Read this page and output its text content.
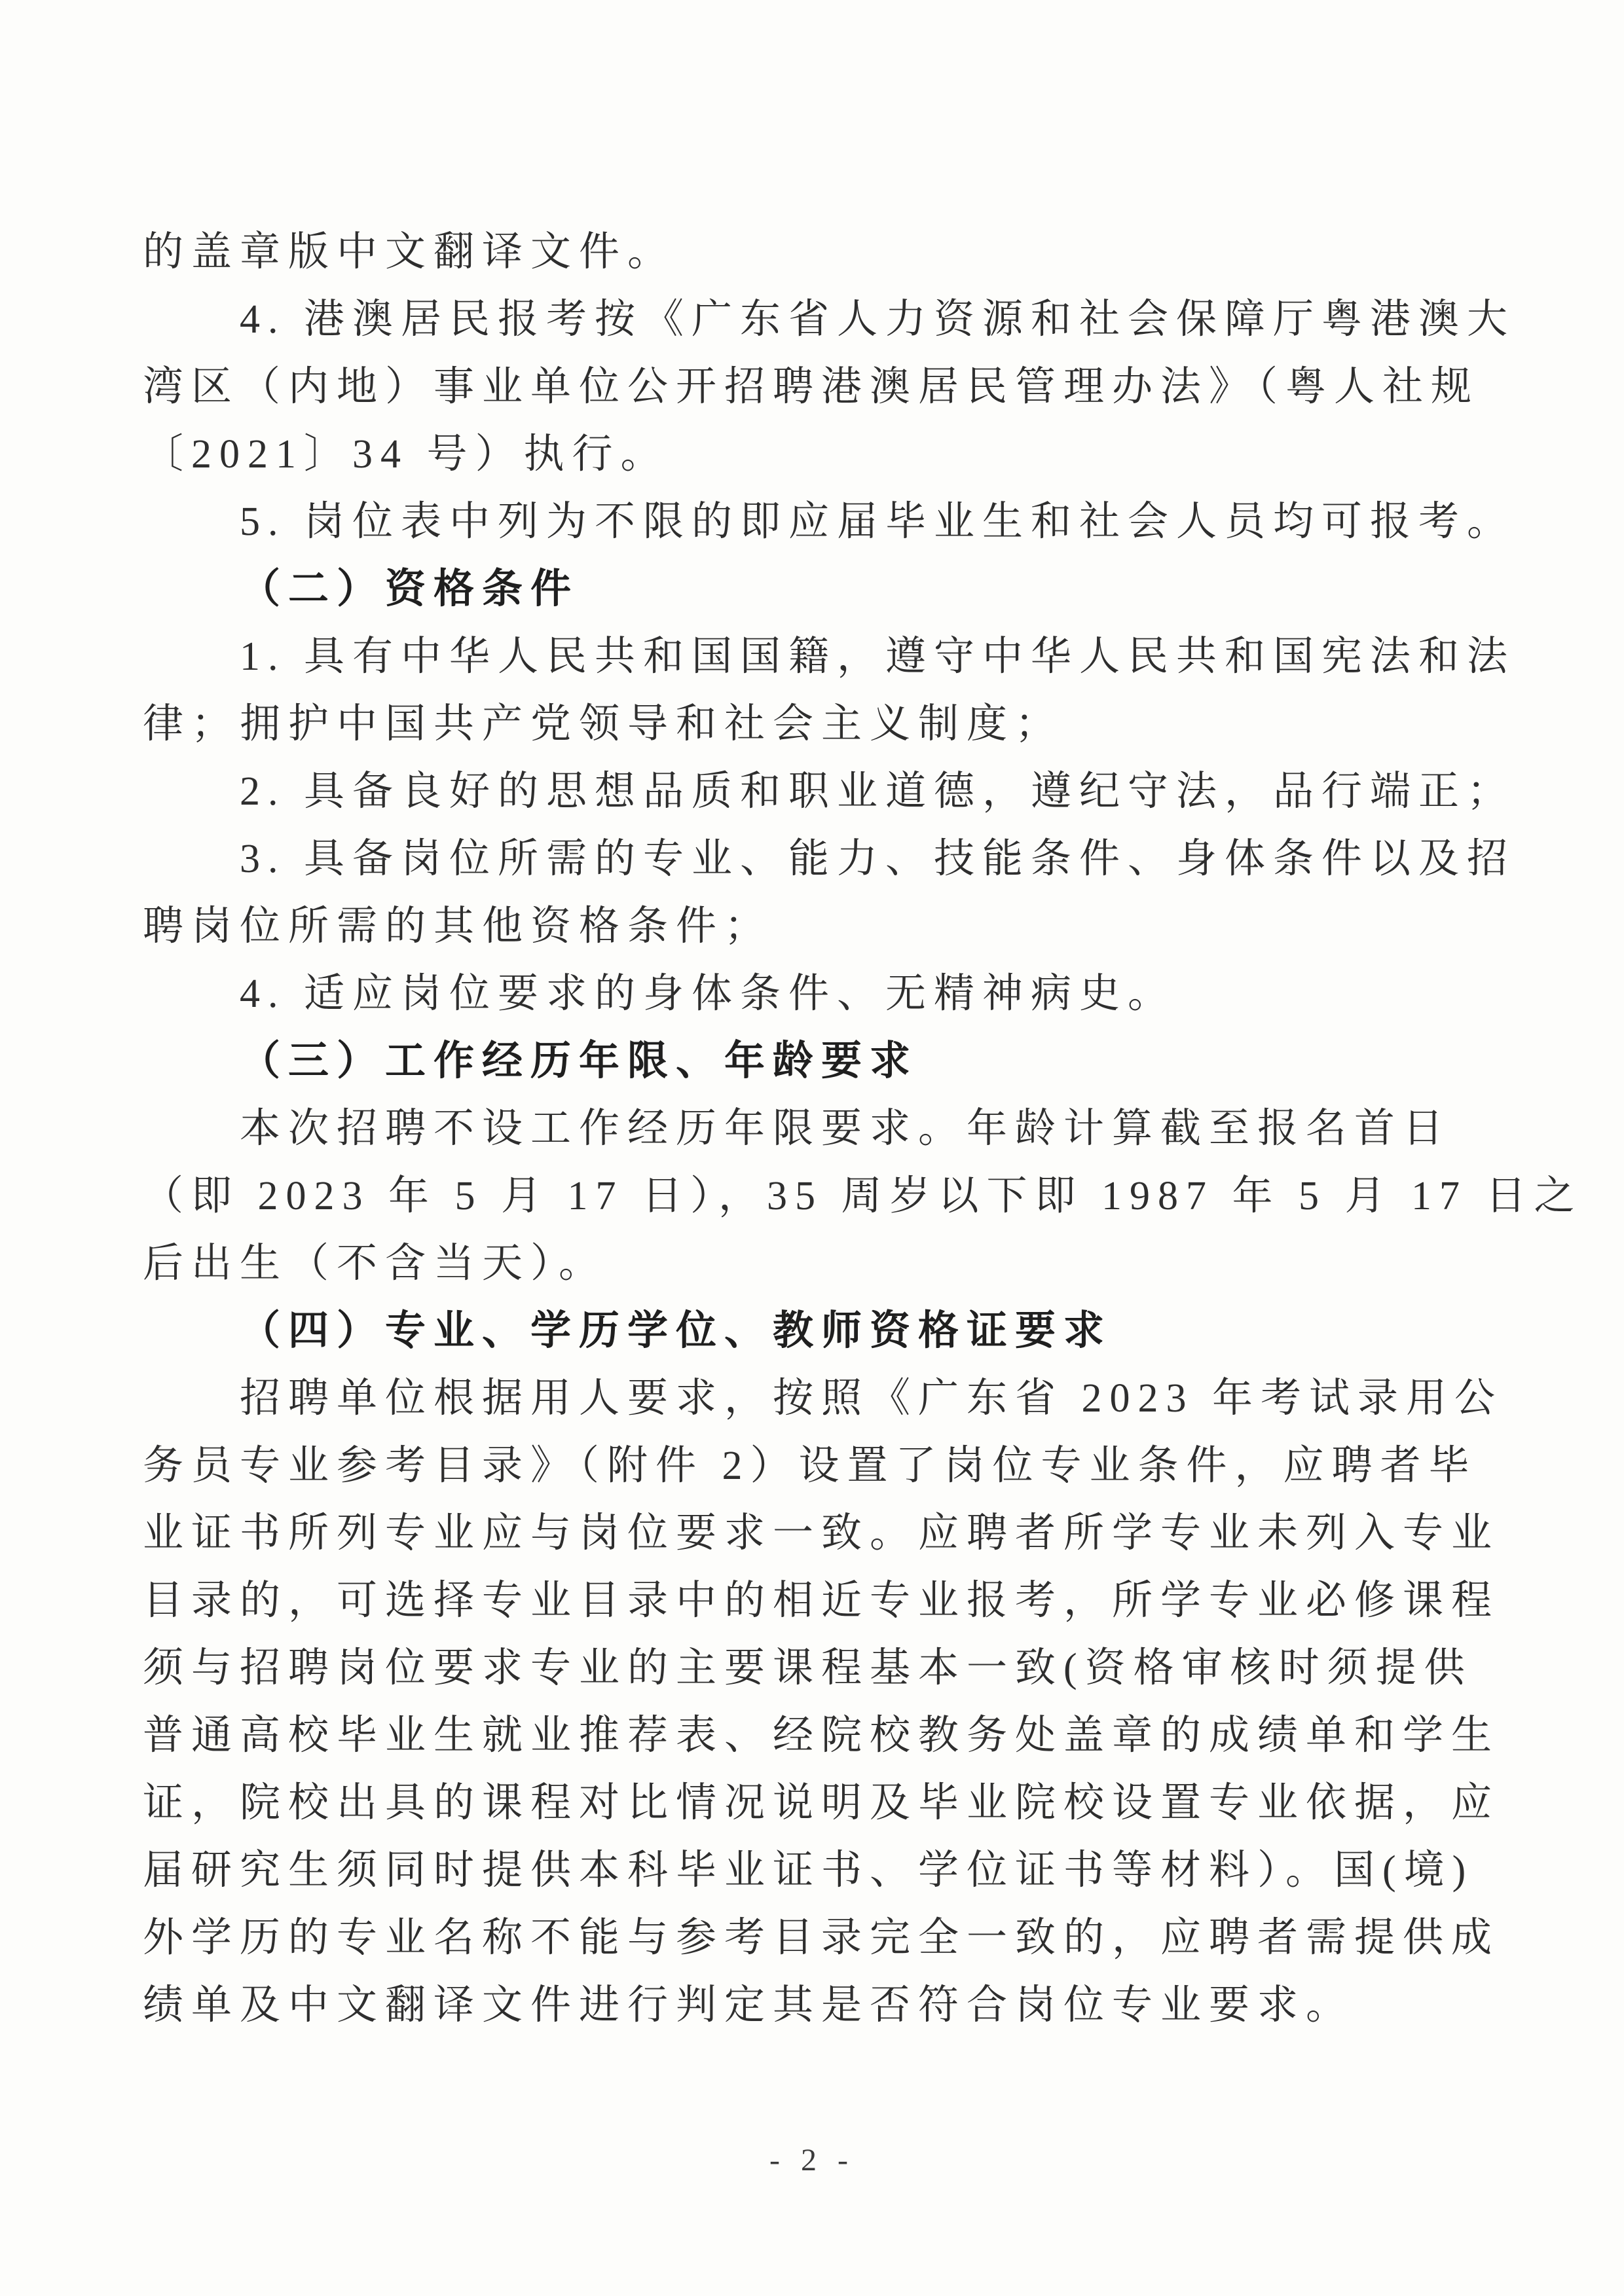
的盖章版中文翻译文件。
4. 港澳居民报考按《广东省人力资源和社会保障厅粤港澳大
湾区（内地）事业单位公开招聘港澳居民管理办法》（粤人社规
〔2021〕34 号）执行。
5. 岗位表中列为不限的即应届毕业生和社会人员均可报考。
（二）资格条件
1. 具有中华人民共和国国籍，遵守中华人民共和国宪法和法
律；拥护中国共产党领导和社会主义制度；
2. 具备良好的思想品质和职业道德，遵纪守法，品行端正；
3. 具备岗位所需的专业、能力、技能条件、身体条件以及招
聘岗位所需的其他资格条件；
4. 适应岗位要求的身体条件、无精神病史。
（三）工作经历年限、年龄要求
本次招聘不设工作经历年限要求。年龄计算截至报名首日
（即 2023 年 5 月 17 日），35 周岁以下即 1987 年 5 月 17 日之
后出生（不含当天）。
（四）专业、学历学位、教师资格证要求
招聘单位根据用人要求，按照《广东省 2023 年考试录用公
务员专业参考目录》（附件 2）设置了岗位专业条件，应聘者毕
业证书所列专业应与岗位要求一致。应聘者所学专业未列入专业
目录的，可选择专业目录中的相近专业报考，所学专业必修课程
须与招聘岗位要求专业的主要课程基本一致(资格审核时须提供
普通高校毕业生就业推荐表、经院校教务处盖章的成绩单和学生
证，院校出具的课程对比情况说明及毕业院校设置专业依据，应
届研究生须同时提供本科毕业证书、学位证书等材料）。国(境)
外学历的专业名称不能与参考目录完全一致的，应聘者需提供成
绩单及中文翻译文件进行判定其是否符合岗位专业要求。
- 2 -
